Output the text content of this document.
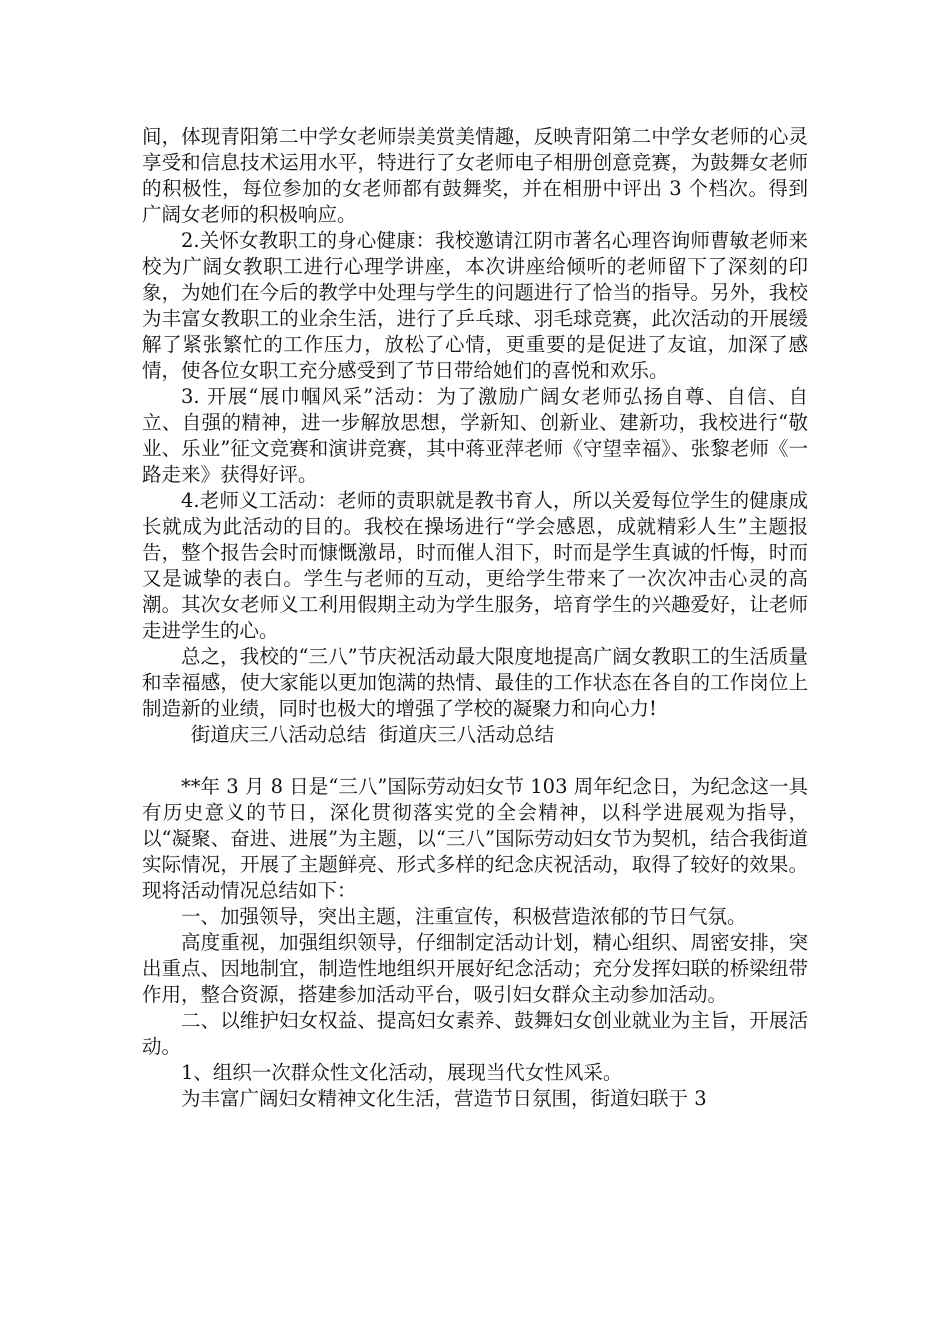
间，体现青阳第二中学女老师崇美赏美情趣，反映青阳第二中学女老师的心灵享受和信息技术运用水平，特进行了女老师电子相册创意竞赛，为鼓舞女老师的积极性，每位参加的女老师都有鼓舞奖，并在相册中评出 3 个档次。得到广阔女老师的积极响应。

2.关怀女教职工的身心健康：我校邀请江阴市著名心理咨询师曹敏老师来校为广阔女教职工进行心理学讲座，本次讲座给倾听的老师留下了深刻的印象，为她们在今后的教学中处理与学生的问题进行了恰当的指导。另外，我校为丰富女教职工的业余生活，进行了乒乓球、羽毛球竞赛，此次活动的开展缓解了紧张繁忙的工作压力，放松了心情，更重要的是促进了友谊，加深了感情，使各位女职工充分感受到了节日带给她们的喜悦和欢乐。

3. 开展“展巾帼风采”活动：为了激励广阔女老师弘扬自尊、自信、自立、自强的精神，进一步解放思想，学新知、创新业、建新功，我校进行“敬业、乐业”征文竞赛和演讲竞赛，其中蒋亚萍老师《守望幸福》、张黎老师《一路走来》获得好评。

4.老师义工活动：老师的责职就是教书育人，所以关爱每位学生的健康成长就成为此活动的目的。我校在操场进行“学会感恩，成就精彩人生”主题报告，整个报告会时而慷慨激昂，时而催人泪下，时而是学生真诚的忏悔，时而又是诚挚的表白。学生与老师的互动，更给学生带来了一次次冲击心灵的高潮。其次女老师义工利用假期主动为学生服务，培育学生的兴趣爱好，让老师走进学生的心。

总之，我校的“三八”节庆祝活动最大限度地提高广阔女教职工的生活质量和幸福感，使大家能以更加饱满的热情、最佳的工作状态在各自的工作岗位上制造新的业绩，同时也极大的增强了学校的凝聚力和向心力!

街道庆三八活动总结  街道庆三八活动总结

**年 3 月 8 日是“三八”国际劳动妇女节 103 周年纪念日，为纪念这一具有历史意义的节日，深化贯彻落实党的全会精神，以科学进展观为指导，以“凝聚、奋进、进展”为主题，以“三八”国际劳动妇女节为契机，结合我街道实际情况，开展了主题鲜亮、形式多样的纪念庆祝活动，取得了较好的效果。现将活动情况总结如下：

一、加强领导，突出主题，注重宣传，积极营造浓郁的节日气氛。

高度重视，加强组织领导，仔细制定活动计划，精心组织、周密安排，突出重点、因地制宜，制造性地组织开展好纪念活动；充分发挥妇联的桥梁纽带作用，整合资源，搭建参加活动平台，吸引妇女群众主动参加活动。

二、以维护妇女权益、提高妇女素养、鼓舞妇女创业就业为主旨，开展活动。

1、组织一次群众性文化活动，展现当代女性风采。

为丰富广阔妇女精神文化生活，营造节日氛围，街道妇联于 3
